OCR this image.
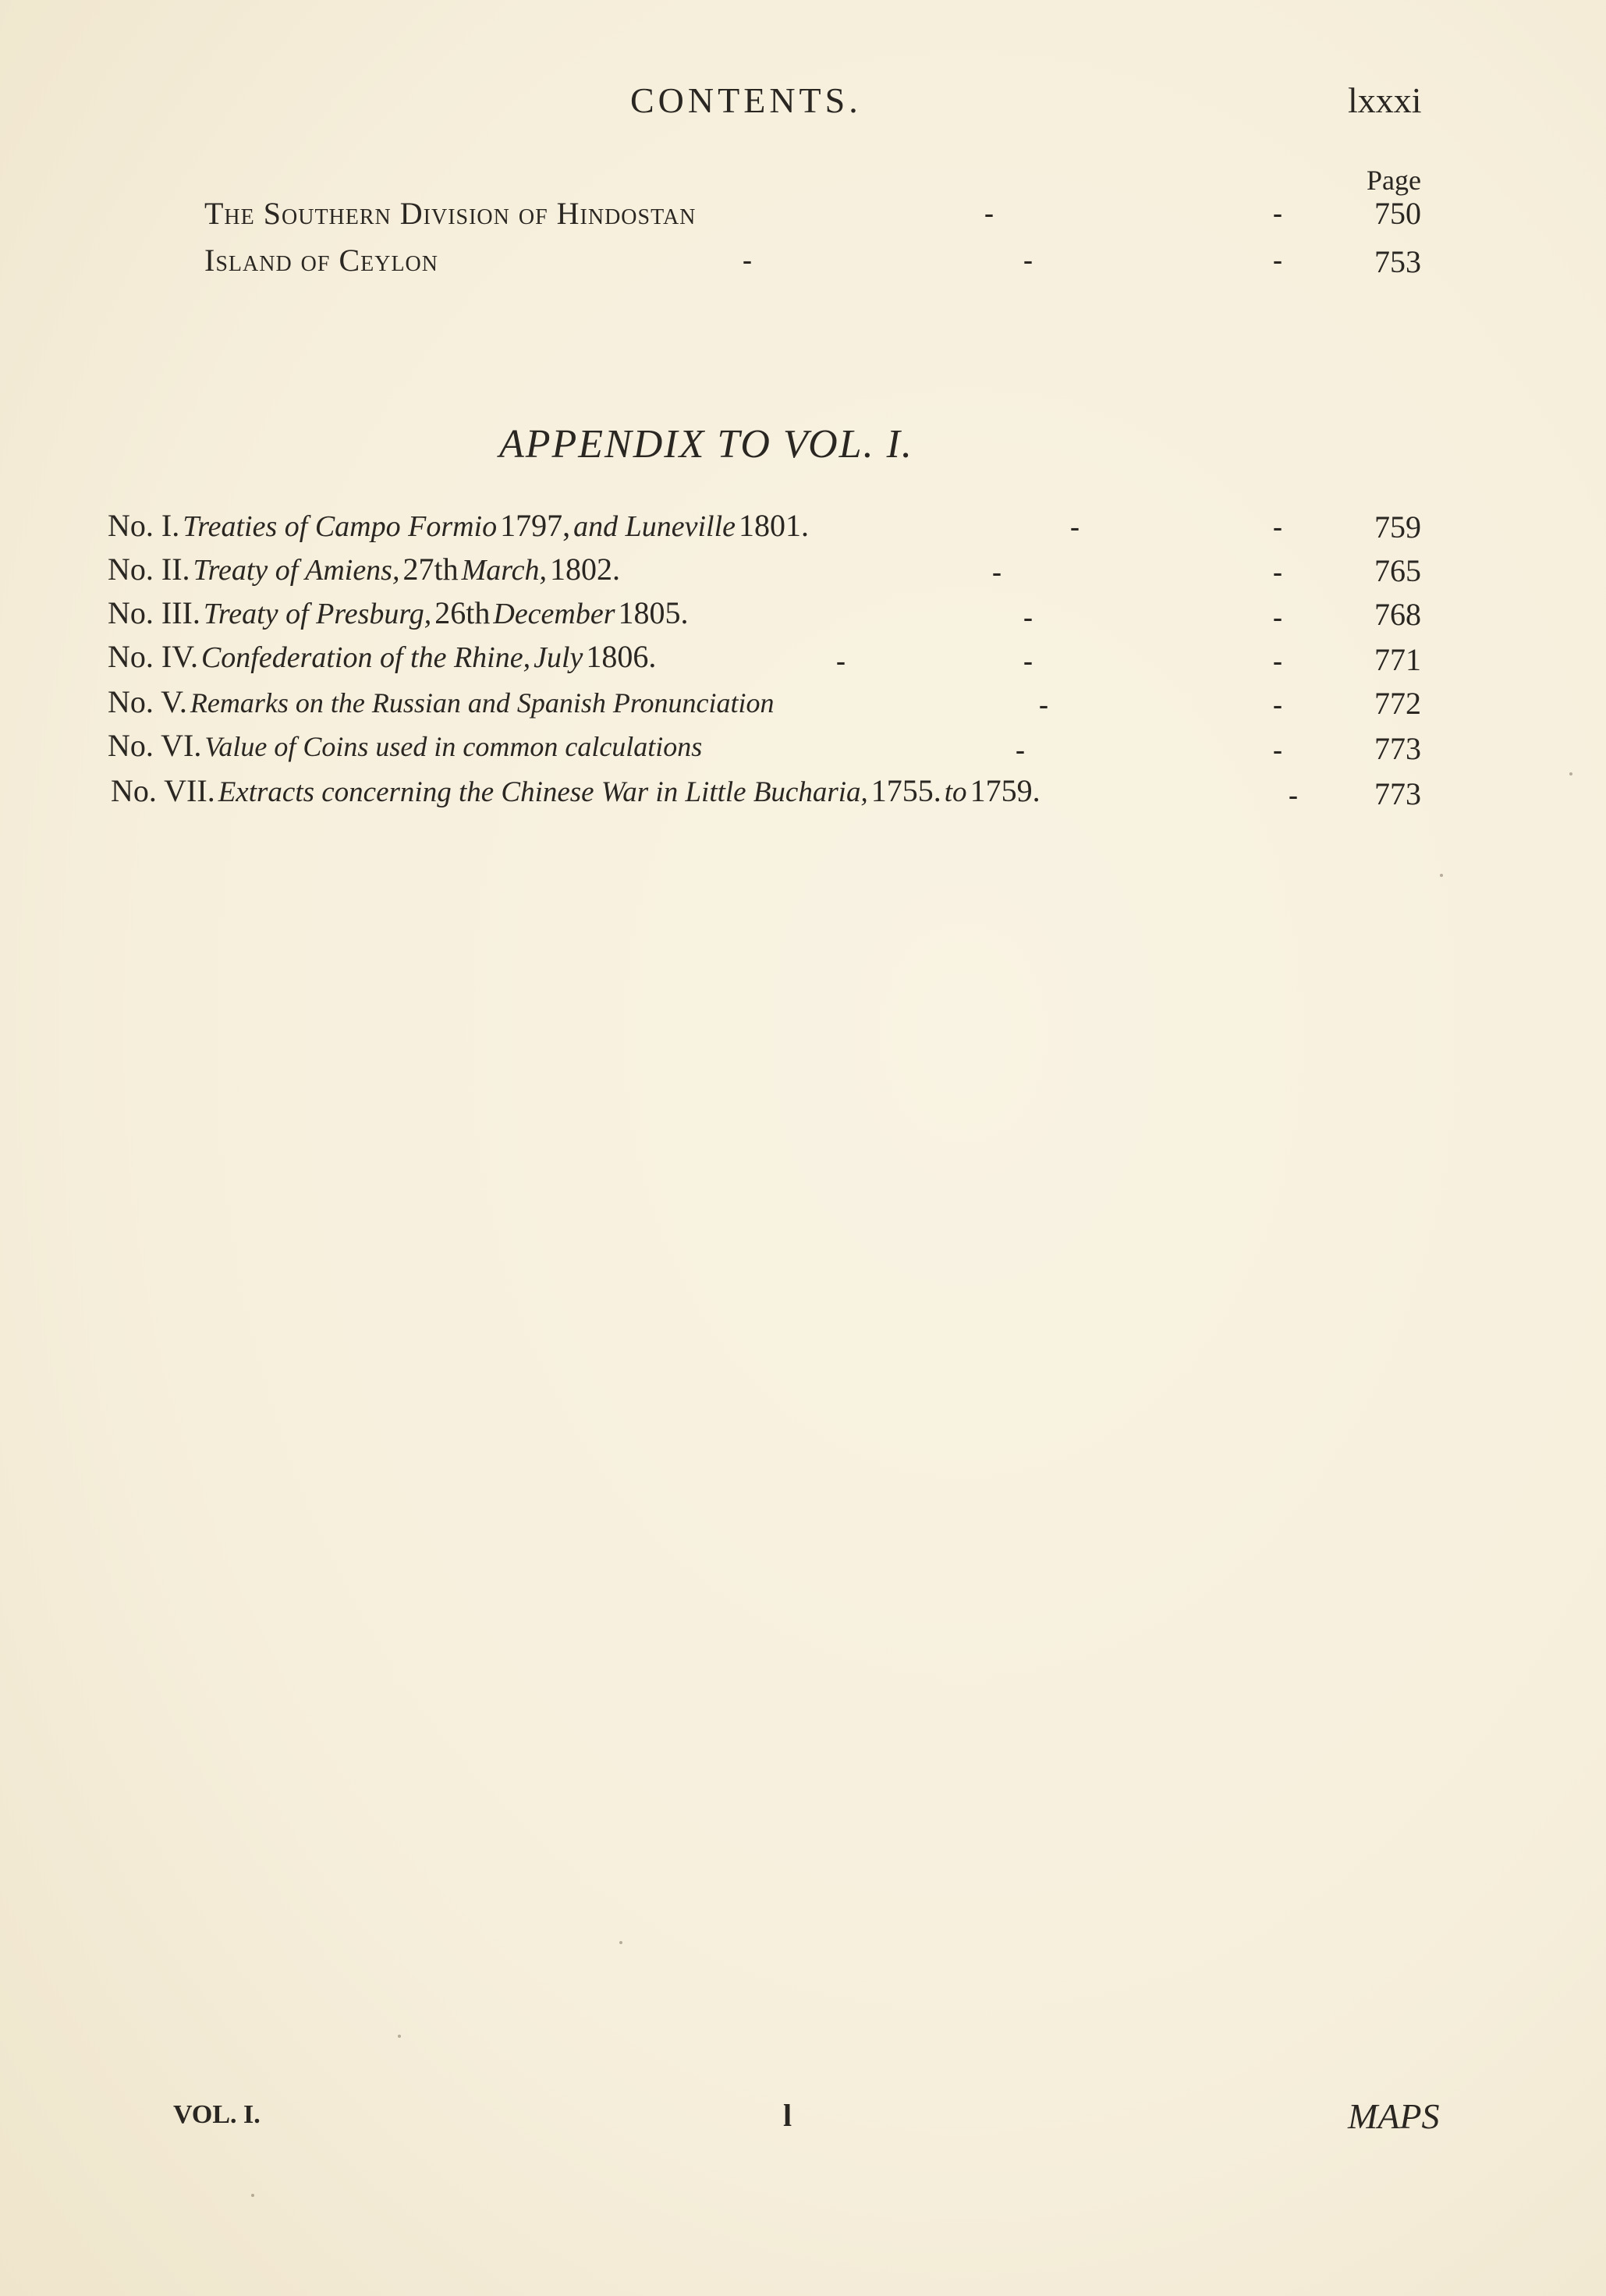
CONTENTS.	lxxxi
Page
The Southern Division of Hindostan	-	-	750
Island of Ceylon	-	-	-	753
APPENDIX TO VOL. I.
No. I. Treaties of Campo Formio 1797, and Luneville 1801.	-	-	759
No. II. Treaty of Amiens, 27th March, 1802.	-	-	765
No. III. Treaty of Presburg, 26th December 1805.	-	-	768
No. IV. Confederation of the Rhine, July 1806.	-	-	-	771
No. V. Remarks on the Russian and Spanish Pronunciation	-	-	772
No. VI. Value of Coins used in common calculations	-	-	773
No. VII. Extracts concerning the Chinese War in Little Bucharia, 1755. to 1759.	- 773
VOL. I.	l	MAPS
